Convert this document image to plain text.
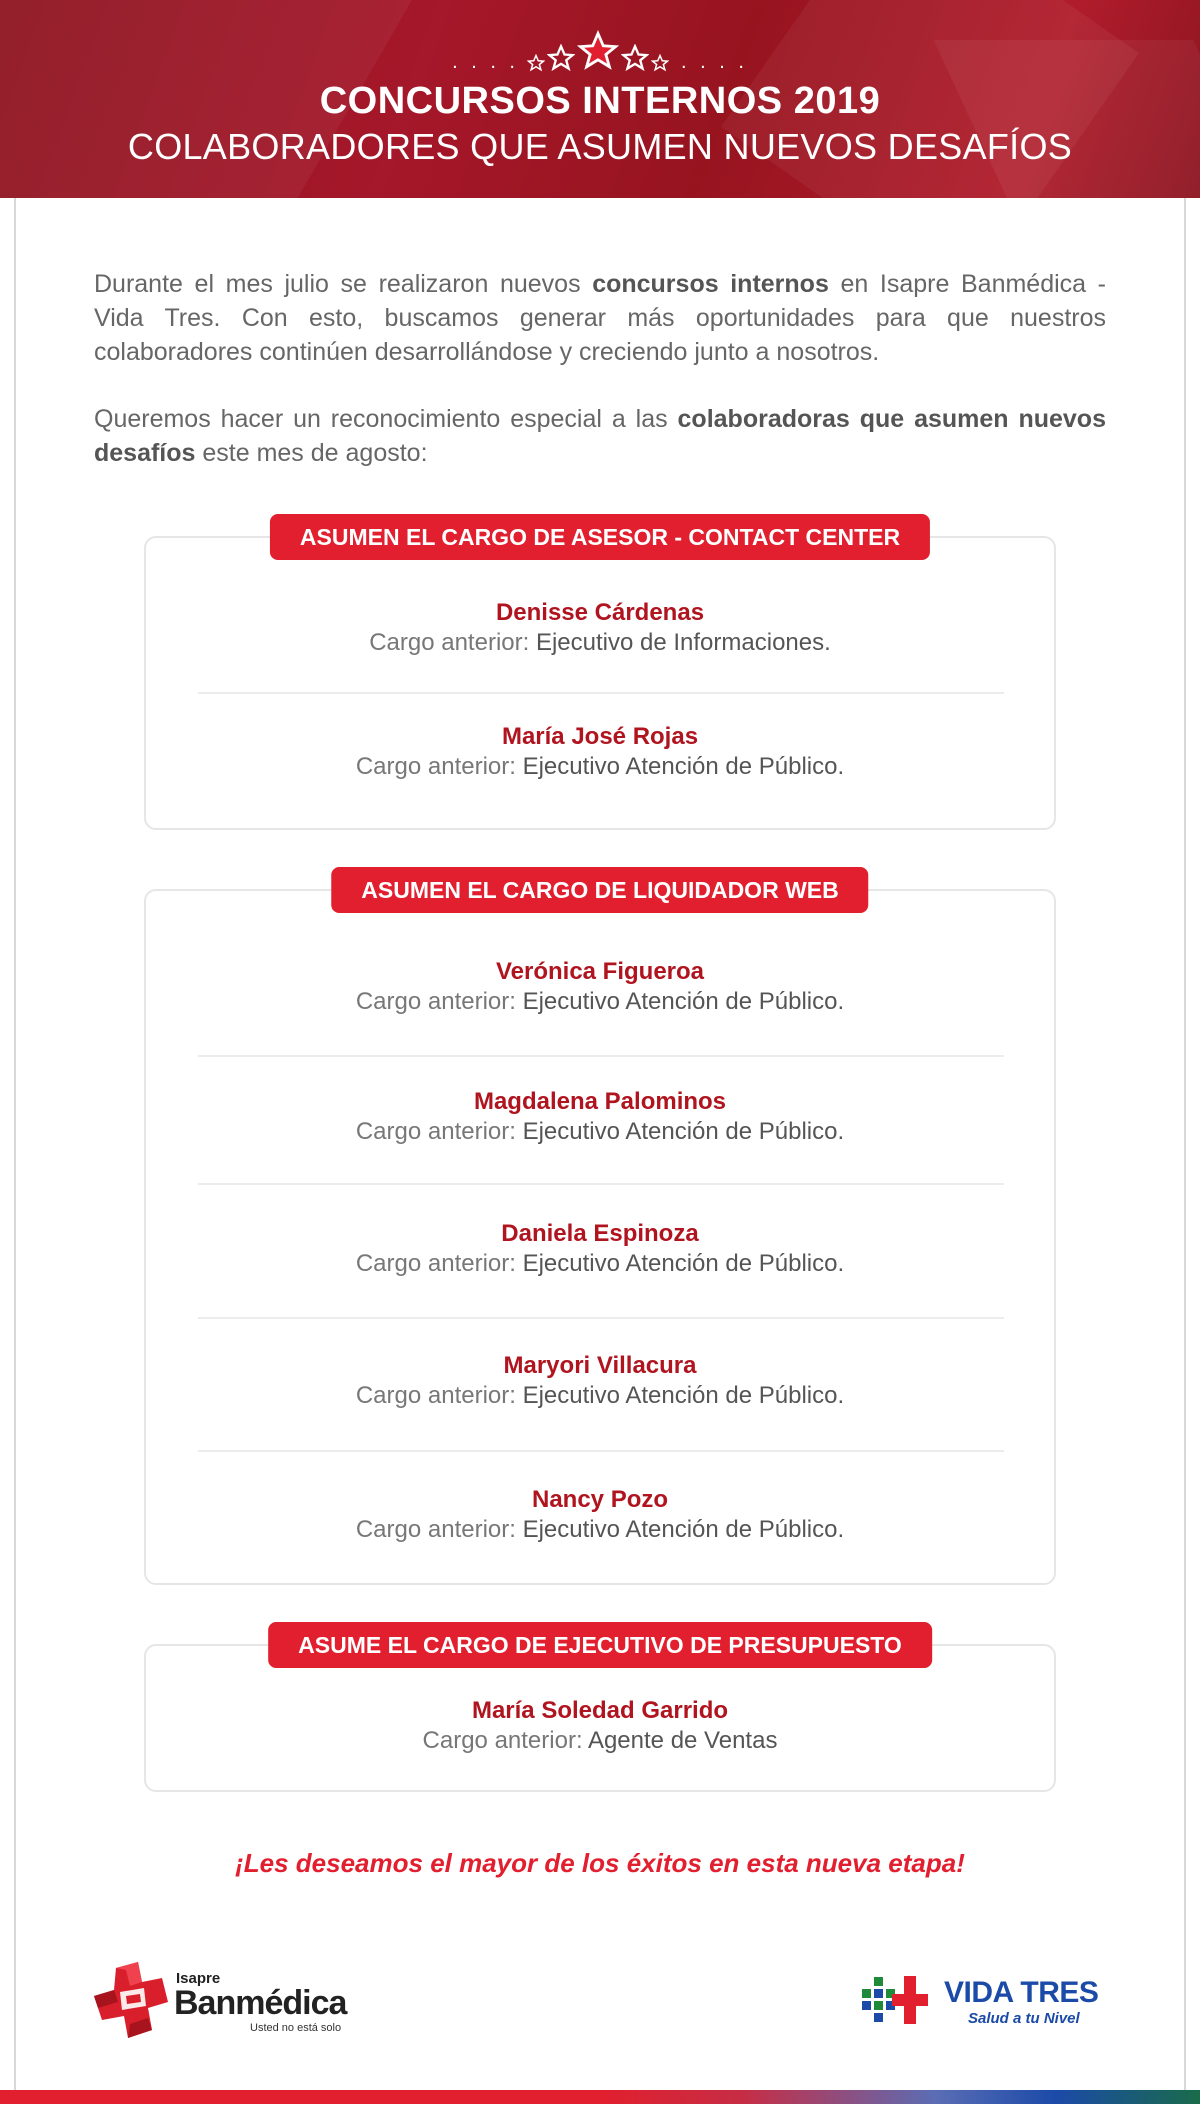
. . . .	. . . .
CONCURSOS INTERNOS 2019
COLABORADORES QUE ASUMEN NUEVOS DESAFÍOS

Durante el mes julio se realizaron nuevos concursos internos en Isapre Banmédica - Vida Tres. Con esto, buscamos generar más oportunidades para que nuestros colaboradores continúen desarrollándose y creciendo junto a nosotros.

Queremos hacer un reconocimiento especial a las colaboradoras que asumen nuevos desafíos este mes de agosto:

ASUMEN EL CARGO DE ASESOR - CONTACT CENTER
Denisse Cárdenas
Cargo anterior: Ejecutivo de Informaciones.
María José Rojas
Cargo anterior: Ejecutivo Atención de Público.
ASUMEN EL CARGO DE LIQUIDADOR WEB
Verónica Figueroa
Cargo anterior: Ejecutivo Atención de Público.
Magdalena Palominos
Cargo anterior: Ejecutivo Atención de Público.
Daniela Espinoza
Cargo anterior: Ejecutivo Atención de Público.
Maryori Villacura
Cargo anterior: Ejecutivo Atención de Público.
Nancy Pozo
Cargo anterior: Ejecutivo Atención de Público.
ASUME EL CARGO DE EJECUTIVO DE PRESUPUESTO
María Soledad Garrido
Cargo anterior: Agente de Ventas
¡Les deseamos el mayor de los éxitos en esta nueva etapa!
Isapre
Banmédica
Usted no está solo
VIDA TRES
Salud a tu Nivel
